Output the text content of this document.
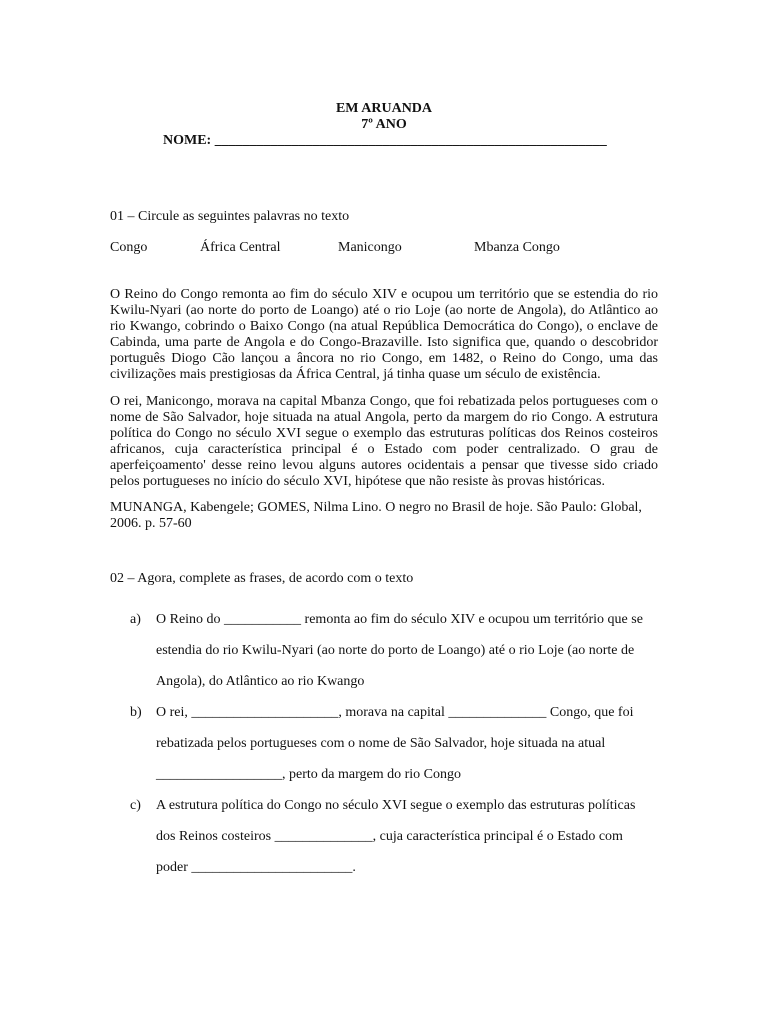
EM ARUANDA
7º ANO
NOME: ________________________________________________________
01 – Circule as seguintes palavras no texto
Congo	África Central	Manicongo	Mbanza Congo
O Reino do Congo remonta ao fim do século XIV e ocupou um território que se estendia do rio Kwilu-Nyari (ao norte do porto de Loango) até o rio Loje (ao norte de Angola), do Atlântico ao rio Kwango, cobrindo o Baixo Congo (na atual República Democrática do Congo), o enclave de Cabinda, uma parte de Angola e do Congo-Brazaville. Isto significa que, quando o descobridor português Diogo Cão lançou a âncora no rio Congo, em 1482, o Reino do Congo, uma das civilizações mais prestigiosas da África Central, já tinha quase um século de existência.
O rei, Manicongo, morava na capital Mbanza Congo, que foi rebatizada pelos portugueses com o nome de São Salvador, hoje situada na atual Angola, perto da margem do rio Congo. A estrutura política do Congo no século XVI segue o exemplo das estruturas políticas dos Reinos costeiros africanos, cuja característica principal é o Estado com poder centralizado. O grau de aperfeiçoamento' desse reino levou alguns autores ocidentais a pensar que tivesse sido criado pelos portugueses no início do século XVI, hipótese que não resiste às provas históricas.
MUNANGA, Kabengele; GOMES, Nilma Lino. O negro no Brasil de hoje. São Paulo: Global, 2006. p. 57-60
02 – Agora, complete as frases, de acordo com o texto
a) O Reino do ___________ remonta ao fim do século XIV e ocupou um território que se estendia do rio Kwilu-Nyari (ao norte do porto de Loango) até o rio Loje (ao norte de Angola), do Atlântico ao rio Kwango
b) O rei, _____________________, morava na capital ______________ Congo, que foi rebatizada pelos portugueses com o nome de São Salvador, hoje situada na atual __________________, perto da margem do rio Congo
c) A estrutura política do Congo no século XVI segue o exemplo das estruturas políticas dos Reinos costeiros ______________, cuja característica principal é o Estado com poder _______________________.
